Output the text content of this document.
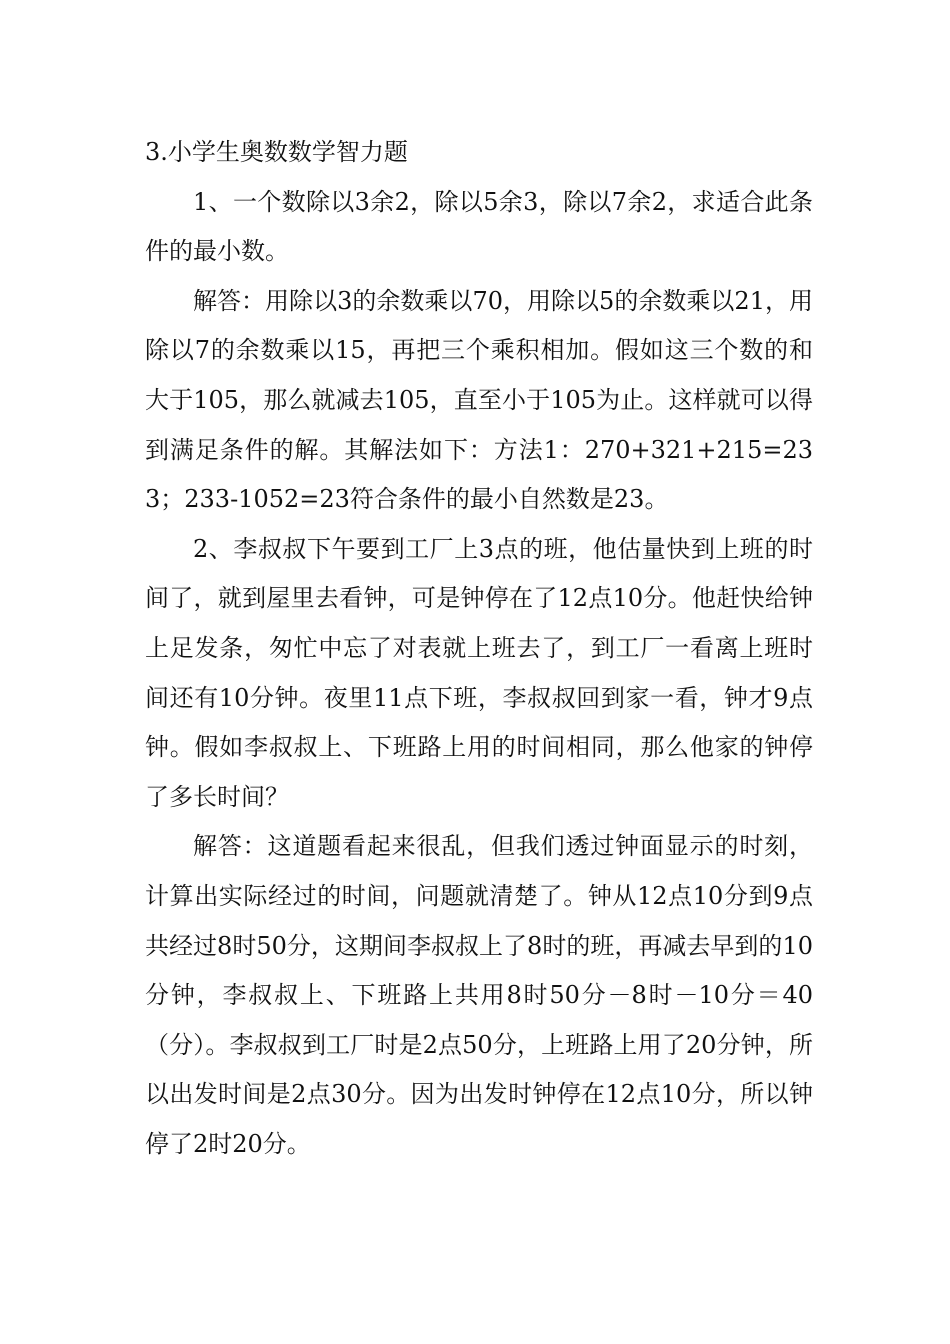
3.小学生奥数数学智力题

1、一个数除以3余2，除以5余3，除以7余2，求适合此条件的最小数。

解答：用除以3的余数乘以70，用除以5的余数乘以21，用除以7的余数乘以15，再把三个乘积相加。假如这三个数的和大于105，那么就减去105，直至小于105为止。这样就可以得到满足条件的解。其解法如下：方法1：270+321+215=233；233-1052=23符合条件的最小自然数是23。

2、李叔叔下午要到工厂上3点的班，他估量快到上班的时间了，就到屋里去看钟，可是钟停在了12点10分。他赶快给钟上足发条，匆忙中忘了对表就上班去了，到工厂一看离上班时间还有10分钟。夜里11点下班，李叔叔回到家一看，钟才9点钟。假如李叔叔上、下班路上用的时间相同，那么他家的钟停了多长时间？

解答：这道题看起来很乱，但我们透过钟面显示的时刻，计算出实际经过的时间，问题就清楚了。钟从12点10分到9点共经过8时50分，这期间李叔叔上了8时的班，再减去早到的10分钟，李叔叔上、下班路上共用8时50分－8时－10分＝40（分）。李叔叔到工厂时是2点50分，上班路上用了20分钟，所以出发时间是2点30分。因为出发时钟停在12点10分，所以钟停了2时20分。
